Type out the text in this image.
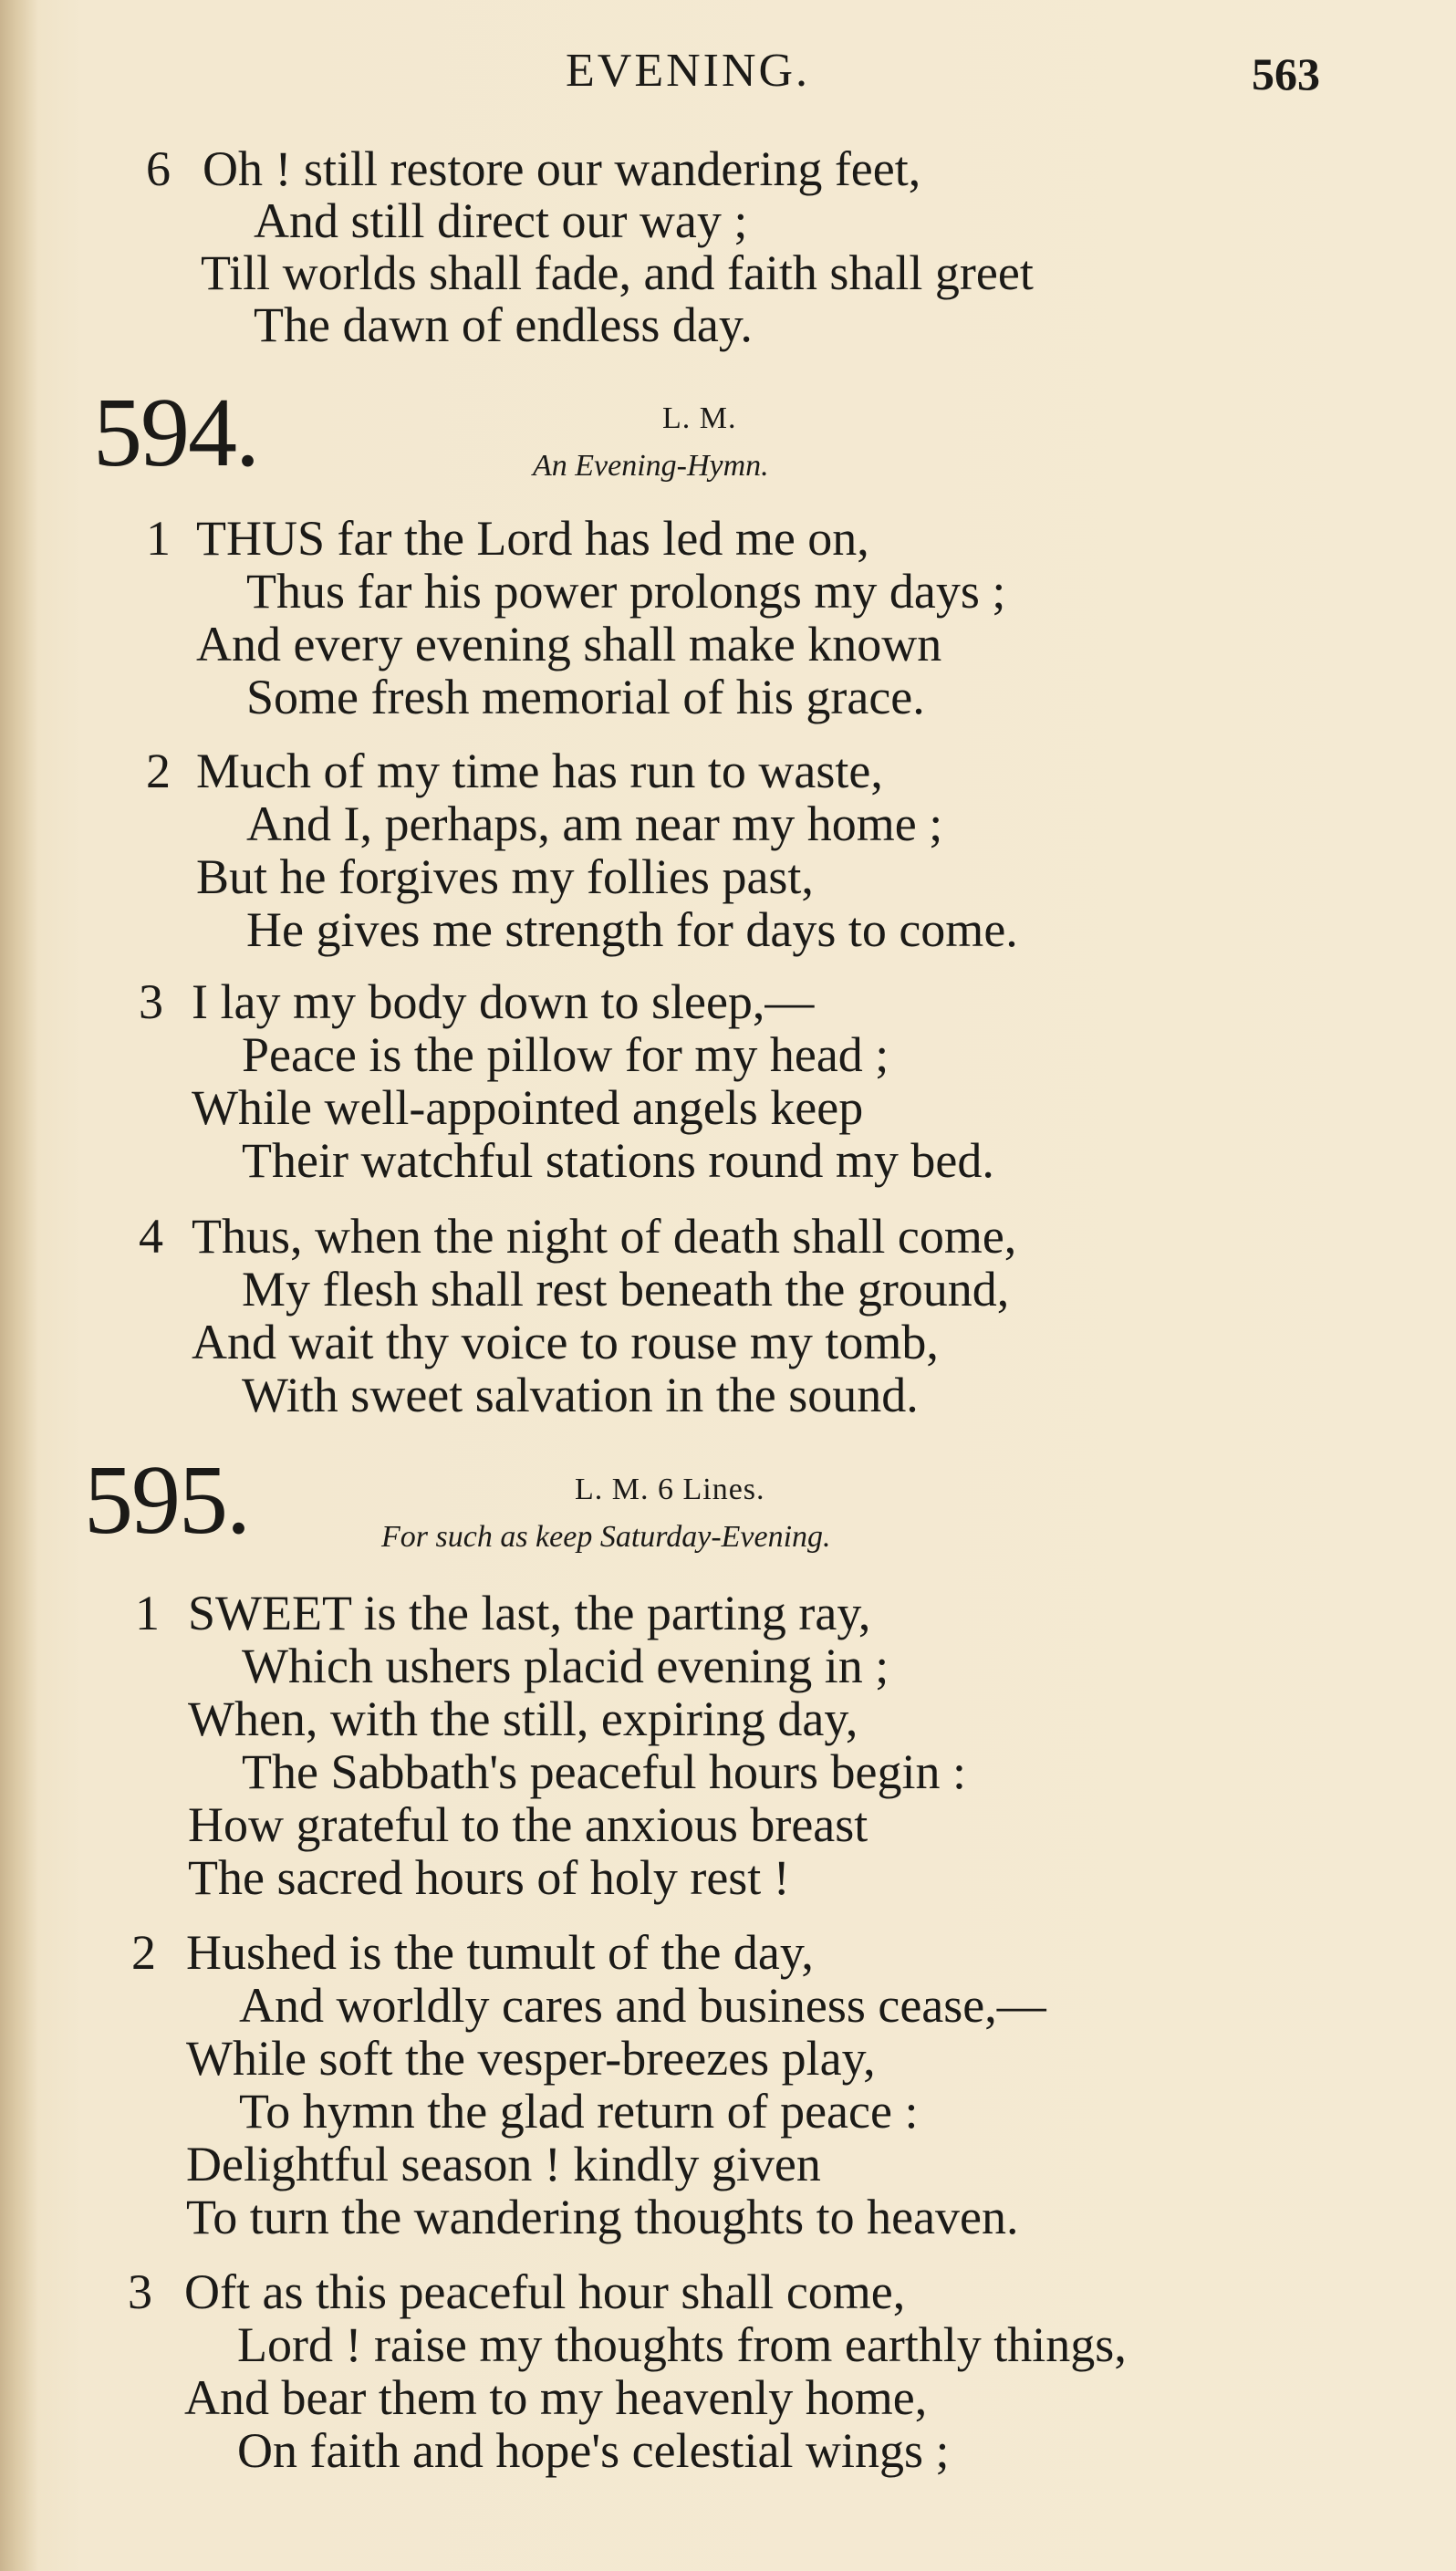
EVENING.	563
6 Oh ! still restore our wandering feet,
And still direct our way ;
Till worlds shall fade, and faith shall greet
The dawn of endless day.
594.	L. M.
An Evening-Hymn.
1 THUS far the Lord has led me on,
Thus far his power prolongs my days ;
And every evening shall make known
Some fresh memorial of his grace.
2 Much of my time has run to waste,
And I, perhaps, am near my home ;
But he forgives my follies past,
He gives me strength for days to come.
3 I lay my body down to sleep,—
Peace is the pillow for my head ;
While well-appointed angels keep
Their watchful stations round my bed.
4 Thus, when the night of death shall come,
My flesh shall rest beneath the ground,
And wait thy voice to rouse my tomb,
With sweet salvation in the sound.
595.	L. M. 6 Lines.
For such as keep Saturday-Evening.
1 SWEET is the last, the parting ray,
Which ushers placid evening in ;
When, with the still, expiring day,
The Sabbath's peaceful hours begin :
How grateful to the anxious breast
The sacred hours of holy rest !
2 Hushed is the tumult of the day,
And worldly cares and business cease,—
While soft the vesper-breezes play,
To hymn the glad return of peace :
Delightful season ! kindly given
To turn the wandering thoughts to heaven.
3 Oft as this peaceful hour shall come,
Lord ! raise my thoughts from earthly things,
And bear them to my heavenly home,
On faith and hope's celestial wings ;
